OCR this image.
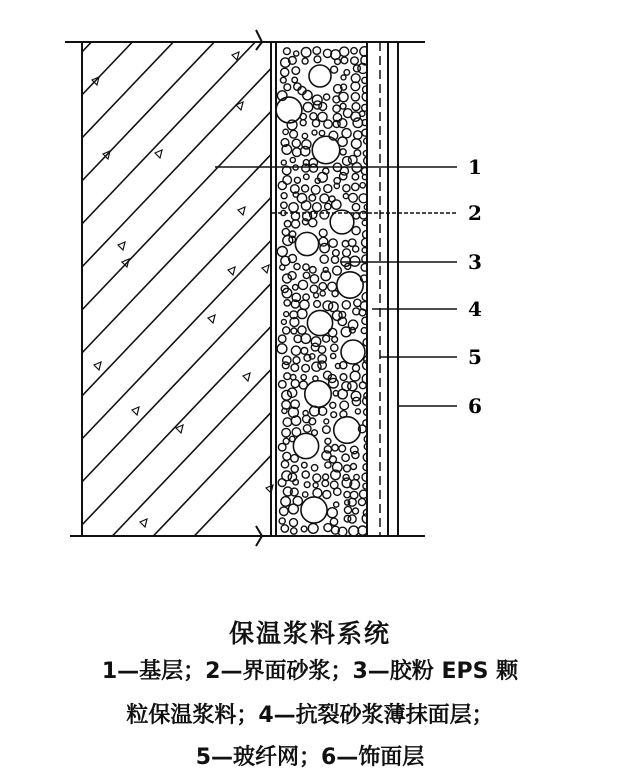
1
2
3
4
5
6
保温浆料系统
1—基层；2—界面砂浆；3—胶粉 EPS 颗
粒保温浆料；4—抗裂砂浆薄抹面层；
5—玻纤网；6—饰面层
